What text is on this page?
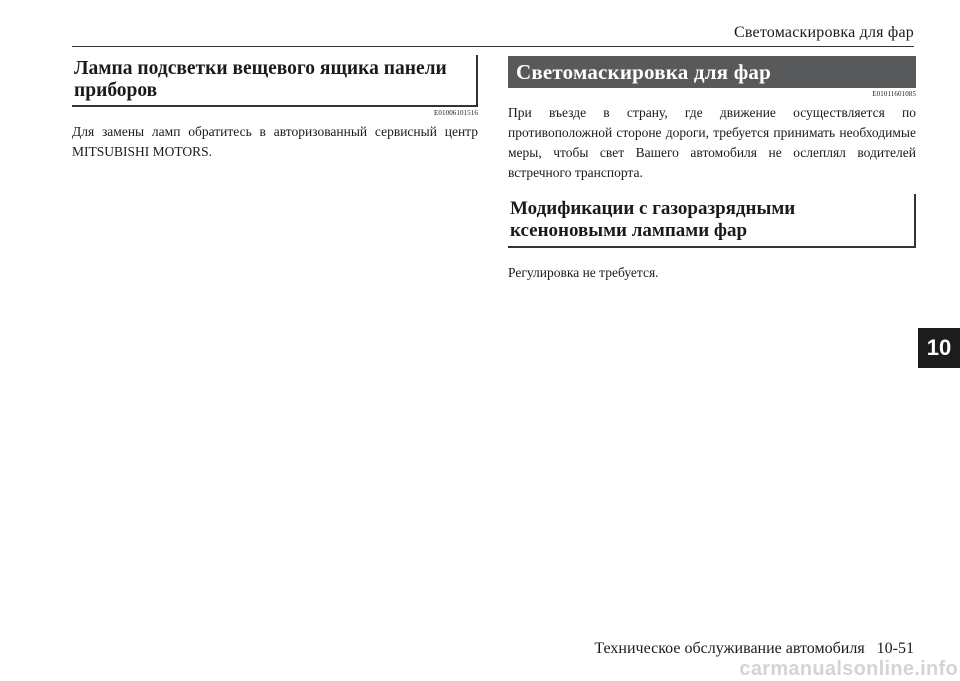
Светомаскировка для фар
Лампа подсветки вещевого ящика панели приборов
E01006101516
Для замены ламп обратитесь в авторизованный сервисный центр MITSUBISHI MOTORS.
Светомаскировка для фар
E01011601085
При въезде в страну, где движение осуществляется по противоположной стороне дороги, требуется принимать необходимые меры, чтобы свет Вашего автомобиля не ослеплял водителей встречного транспорта.
Модификации с газоразрядными ксеноновыми лампами фар
Регулировка не требуется.
10
Техническое обслуживание автомобиля 10-51
carmanualsonline.info
